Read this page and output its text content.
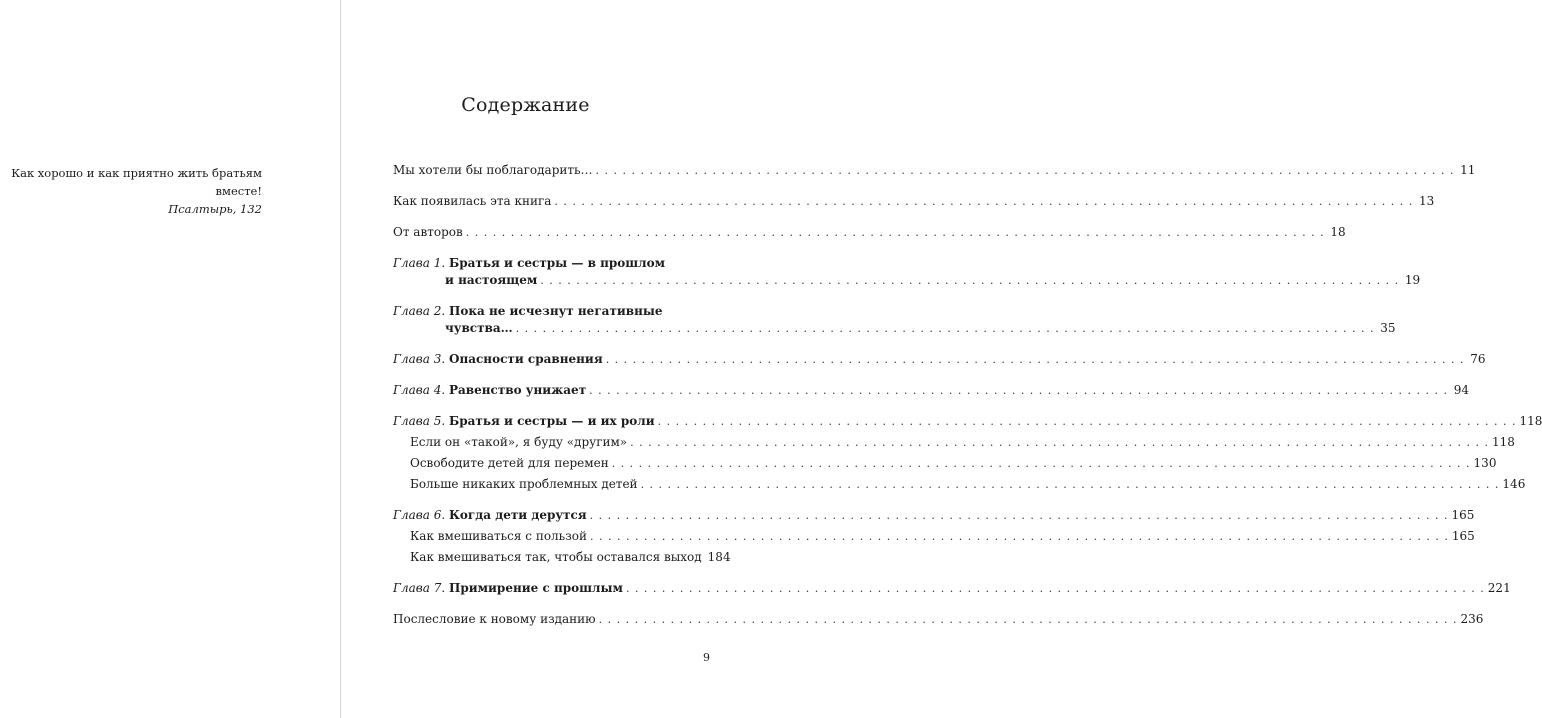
Как хорошо и как приятно жить братьям вместе!
Псалтырь, 132
Содержание
Мы хотели бы поблагодарить… . . .	11
Как появилась эта книга . . .	13
От авторов . . .	18
Глава 1. Братья и сестры — в прошлом
и настоящем . . .	19
Глава 2. Пока не исчезнут негативные
чувства… . . .	35
Глава 3. Опасности сравнения . . .	76
Глава 4. Равенство унижает . . .	94
Глава 5. Братья и сестры — и их роли . . .	118
Если он «такой», я буду «другим» . . .	118
Освободите детей для перемен . . .	130
Больше никаких проблемных детей . . .	146
Глава 6. Когда дети дерутся . . .	165
Как вмешиваться с пользой . . .	165
Как вмешиваться так, чтобы оставался выход 184
Глава 7. Примирение с прошлым . . .	221
Послесловие к новому изданию . . .	236
9
